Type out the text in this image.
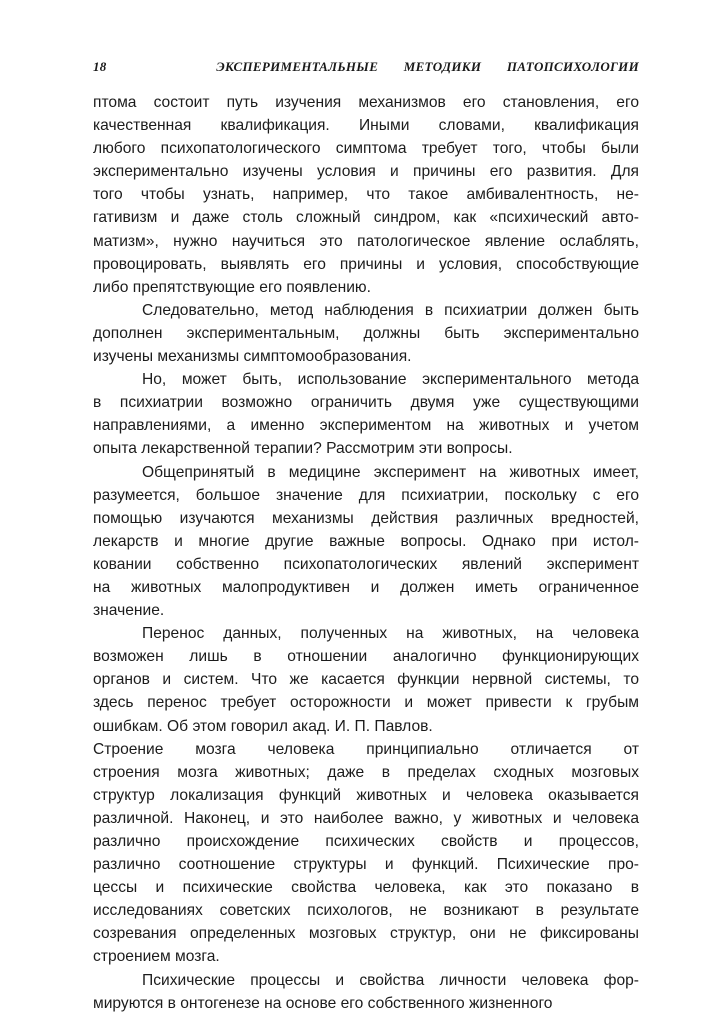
18	ЭКСПЕРИМЕНТАЛЬНЫЕ МЕТОДИКИ ПАТОПСИХОЛОГИИ
птома состоит путь изучения механизмов его становления, его
качественная квалификация. Иными словами, квалификация
любого психопатологического симптома требует того, чтобы были
экспериментально изучены условия и причины его развития. Для
того чтобы узнать, например, что такое амбивалентность, не-
гативизм и даже столь сложный синдром, как «психический авто-
матизм», нужно научиться это патологическое явление ослаблять,
провоцировать, выявлять его причины и условия, способствующие
либо препятствующие его появлению.
Следовательно, метод наблюдения в психиатрии должен быть
дополнен экспериментальным, должны быть экспериментально
изучены механизмы симптомообразования.
Но, может быть, использование экспериментального метода
в психиатрии возможно ограничить двумя уже существующими
направлениями, а именно экспериментом на животных и учетом
опыта лекарственной терапии? Рассмотрим эти вопросы.
Общепринятый в медицине эксперимент на животных имеет,
разумеется, большое значение для психиатрии, поскольку с его
помощью изучаются механизмы действия различных вредностей,
лекарств и многие другие важные вопросы. Однако при истол-
ковании собственно психопатологических явлений эксперимент
на животных малопродуктивен и должен иметь ограниченное
значение.
Перенос данных, полученных на животных, на человека
возможен лишь в отношении аналогично функционирующих
органов и систем. Что же касается функции нервной системы, то
здесь перенос требует осторожности и может привести к грубым
ошибкам. Об этом говорил акад. И. П. Павлов.
Строение мозга человека принципиально отличается от
строения мозга животных; даже в пределах сходных мозговых
структур локализация функций животных и человека оказывается
различной. Наконец, и это наиболее важно, у животных и человека
различно происхождение психических свойств и процессов,
различно соотношение структуры и функций. Психические про-
цессы и психические свойства человека, как это показано в
исследованиях советских психологов, не возникают в результате
созревания определенных мозговых структур, они не фиксированы
строением мозга.
Психические процессы и свойства личности человека фор-
мируются в онтогенезе на основе его собственного жизненного
